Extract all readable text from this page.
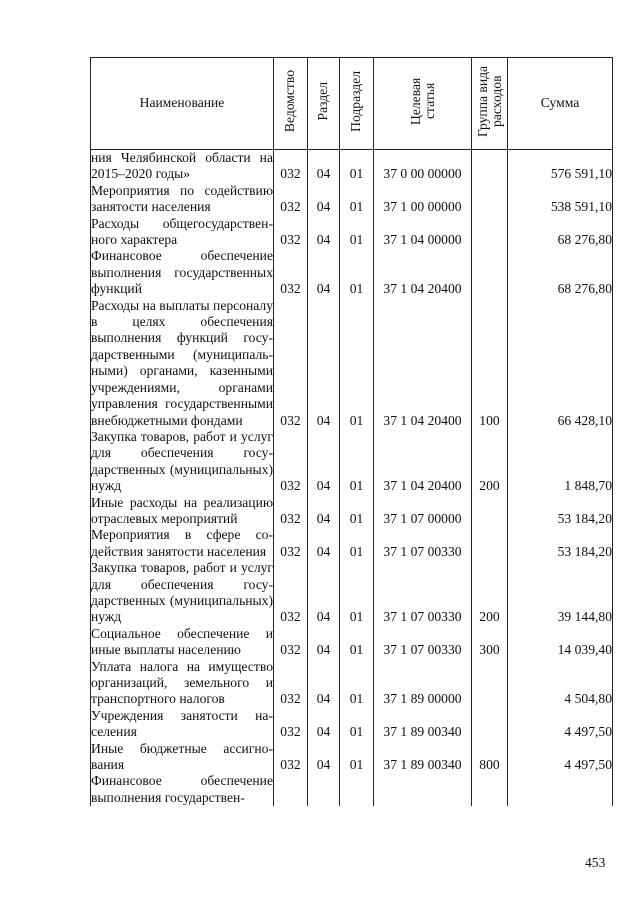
Наименование	Ведомство	Раздел	Подраздел	Целевая статья	Группа вида расходов	Сумма
ния Челябинской области на 2015–2020 годы»	032	04	01	37 0 00 00000		576 591,10
Мероприятия по содействию занятости населения	032	04	01	37 1 00 00000		538 591,10
Расходы общегосударственного характера	032	04	01	37 1 04 00000		68 276,80
Финансовое обеспечение выполнения государственных функций	032	04	01	37 1 04 20400		68 276,80
Расходы на выплаты персоналу в целях обеспечения выполнения функций государственными (муниципальными) органами, казенными учреждениями, органами управления государственными внебюджетными фондами	032	04	01	37 1 04 20400	100	66 428,10
Закупка товаров, работ и услуг для обеспечения государственных (муниципальных) нужд	032	04	01	37 1 04 20400	200	1 848,70
Иные расходы на реализацию отраслевых мероприятий	032	04	01	37 1 07 00000		53 184,20
Мероприятия в сфере содействия занятости населения	032	04	01	37 1 07 00330		53 184,20
Закупка товаров, работ и услуг для обеспечения государственных (муниципальных) нужд	032	04	01	37 1 07 00330	200	39 144,80
Социальное обеспечение и иные выплаты населению	032	04	01	37 1 07 00330	300	14 039,40
Уплата налога на имущество организаций, земельного и транспортного налогов	032	04	01	37 1 89 00000		4 504,80
Учреждения занятости населения	032	04	01	37 1 89 00340		4 497,50
Иные бюджетные ассигнования	032	04	01	37 1 89 00340	800	4 497,50
Финансовое обеспечение выполнения государствен-						
453
